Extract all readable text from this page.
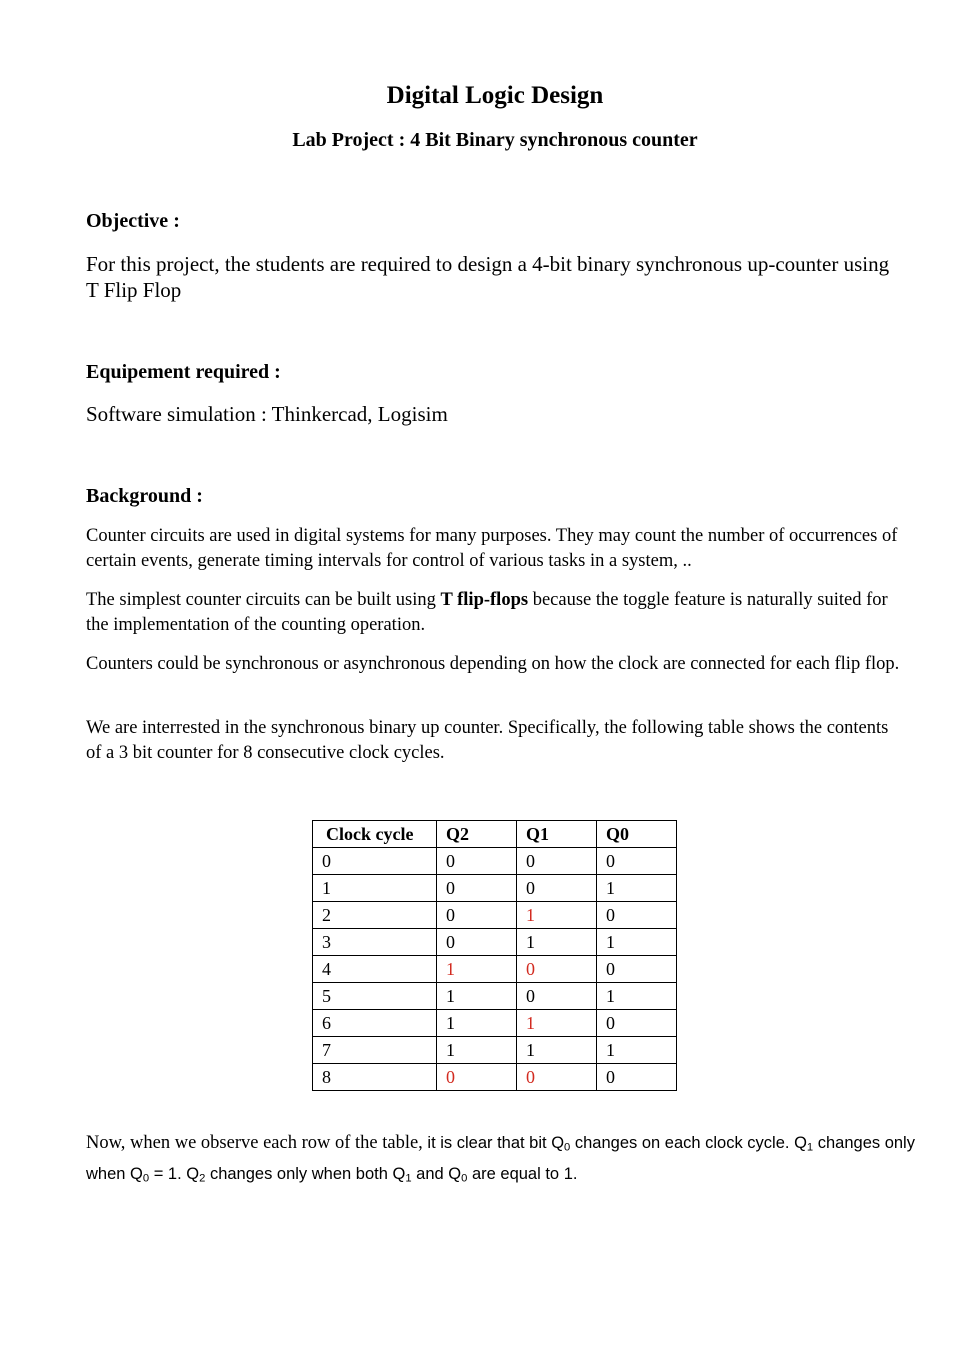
Digital Logic Design
Lab Project : 4 Bit Binary synchronous counter
Objective :

For this project, the students are required to design a 4-bit binary synchronous up-counter using T Flip Flop

Equipement required :

Software simulation : Thinkercad, Logisim

Background :

Counter circuits are used in digital systems for many purposes. They may count the number of occurrences of certain events, generate timing intervals for control of various tasks in a system, ..

The simplest counter circuits can be built using T flip-flops because the toggle feature is naturally suited for the implementation of the counting operation.

Counters could be synchronous or asynchronous depending on how the clock are connected for each flip flop.

We are interrested in the synchronous binary up counter. Specifically, the following table shows the contents of a 3 bit counter for 8 consecutive clock cycles.

Clock cycle	Q2	Q1	Q0
0	0	0	0
1	0	0	1
2	0	1	0
3	0	1	1
4	1	0	0
5	1	0	1
6	1	1	0
7	1	1	1
8	0	0	0

Now, when we observe each row of the table, it is clear that bit $Q_0$ changes on each clock cycle. $Q_1$ changes only when $Q_0 = 1$. $Q_2$ changes only when both $Q_1$ and $Q_0$ are equal to 1.
